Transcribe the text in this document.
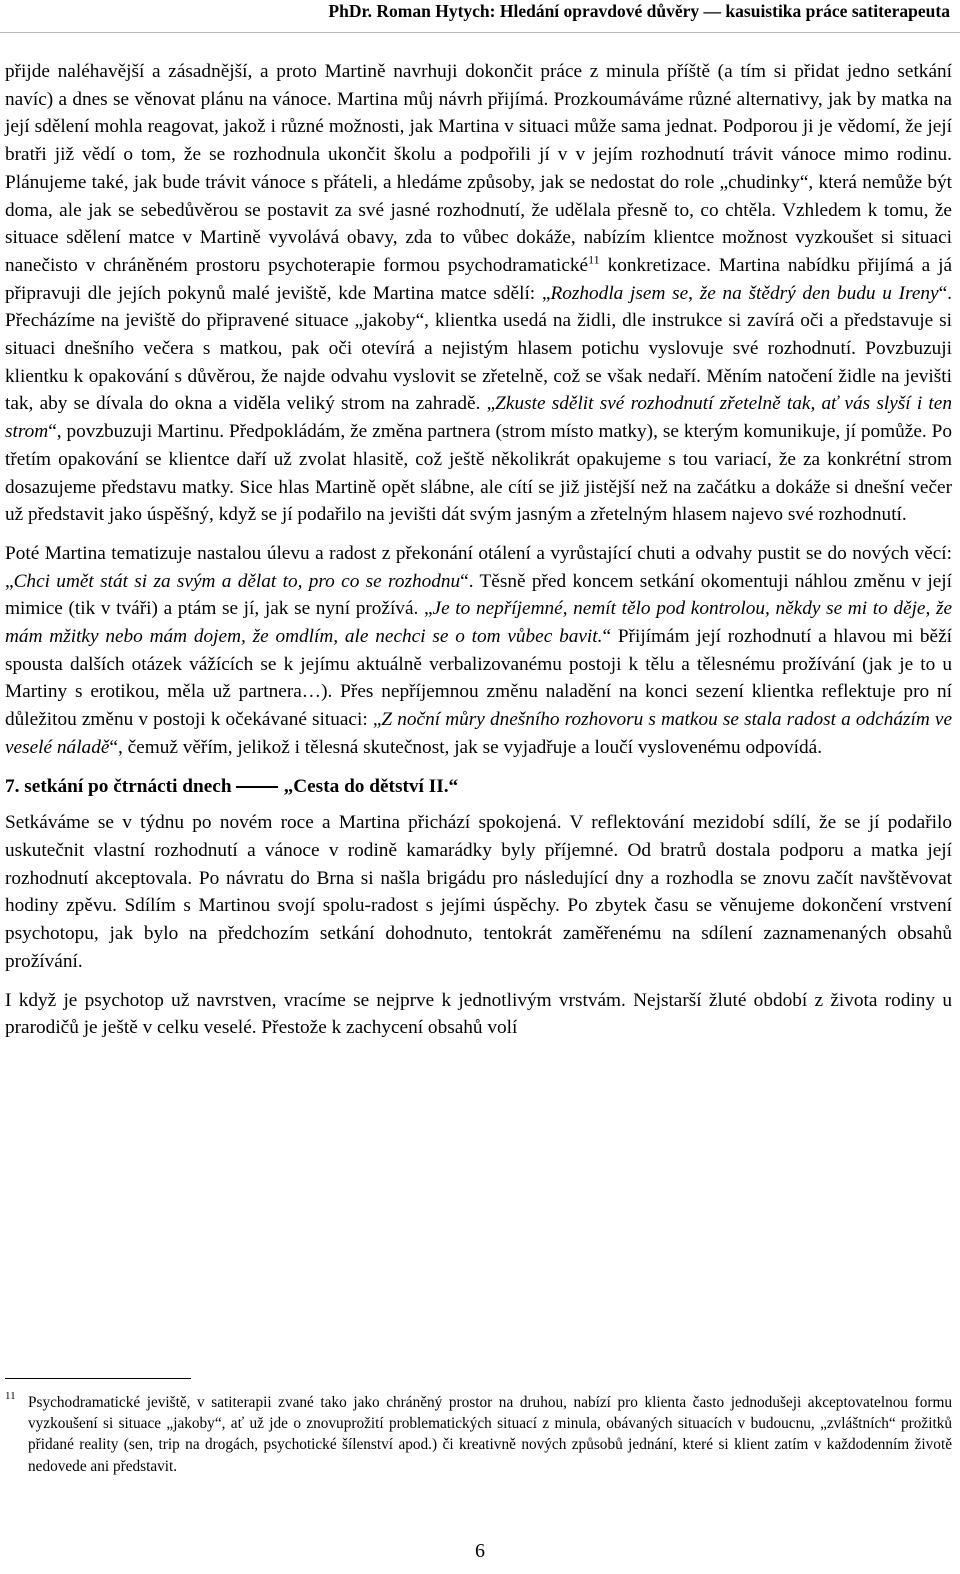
PhDr. Roman Hytych: Hledání opravdové důvěry — kasuistika práce satiterapeuta

přijde naléhavější a zásadnější, a proto Martině navrhuji dokončit práce z minula příště (a tím si přidat jedno setkání navíc) a dnes se věnovat plánu na vánoce. Martina můj návrh přijímá. Prozkoumáváme různé alternativy, jak by matka na její sdělení mohla reagovat, jakož i různé možnosti, jak Martina v situaci může sama jednat. Podporou ji je vědomí, že její bratři již vědí o tom, že se rozhodnula ukončit školu a podpořili jí v v jejím rozhodnutí trávit vánoce mimo rodinu. Plánujeme také, jak bude trávit vánoce s přáteli, a hledáme způsoby, jak se nedostat do role „chudinky“, která nemůže být doma, ale jak se sebedůvěrou se postavit za své jasné rozhodnutí, že udělala přesně to, co chtěla. Vzhledem k tomu, že situace sdělení matce v Martině vyvolává obavy, zda to vůbec dokáže, nabízím klientce možnost vyzkoušet si situaci nanečisto v chráněném prostoru psychoterapie formou psychodramatické$^{11}$ konkretizace. Martina nabídku přijímá a já připravuji dle jejích pokynů malé jeviště, kde Martina matce sdělí: „Rozhodla jsem se, že na štědrý den budu u Ireny“. Přecházíme na jeviště do připravené situace „jakoby“, klientka usedá na židli, dle instrukce si zavírá oči a představuje si situaci dnešního večera s matkou, pak oči otevírá a nejistým hlasem potichu vyslovuje své rozhodnutí. Povzbuzuji klientku k opakování s důvěrou, že najde odvahu vyslovit se zřetelně, což se však nedaří. Měním natočení židle na jevišti tak, aby se dívala do okna a viděla veliký strom na zahradě. „Zkuste sdělit své rozhodnutí zřetelně tak, ať vás slyší i ten strom“, povzbuzuji Martinu. Předpokládám, že změna partnera (strom místo matky), se kterým komunikuje, jí pomůže. Po třetím opakování se klientce daří už zvolat hlasitě, což ještě několikrát opakujeme s tou variací, že za konkrétní strom dosazujeme představu matky. Sice hlas Martině opět slábne, ale cítí se již jistější než na začátku a dokáže si dnešní večer už představit jako úspěšný, když se jí podařilo na jevišti dát svým jasným a zřetelným hlasem najevo své rozhodnutí.

Poté Martina tematizuje nastalou úlevu a radost z překonání otálení a vyrůstající chuti a odvahy pustit se do nových věcí: „Chci umět stát si za svým a dělat to, pro co se rozhodnu“. Těsně před koncem setkání okomentuji náhlou změnu v její mimice (tik v tváři) a ptám se jí, jak se nyní prožívá. „Je to nepříjemné, nemít tělo pod kontrolou, někdy se mi to děje, že mám mžitky nebo mám dojem, že omdlím, ale nechci se o tom vůbec bavit.“ Přijímám její rozhodnutí a hlavou mi běží spousta dalších otázek vážících se k jejímu aktuálně verbalizovanému postoji k tělu a tělesnému prožívání (jak je to u Martiny s erotikou, měla už partnera…). Přes nepříjemnou změnu naladění na konci sezení klientka reflektuje pro ní důležitou změnu v postoji k očekávané situaci: „Z noční můry dnešního rozhovoru s matkou se stala radost a odcházím ve veselé náladě“, čemuž věřím, jelikož i tělesná skutečnost, jak se vyjadřuje a loučí vyslovenému odpovídá.

7. setkání po čtrnácti dnech	„Cesta do dětství II.“

Setkáváme se v týdnu po novém roce a Martina přichází spokojená. V reflektování mezidobí sdílí, že se jí podařilo uskutečnit vlastní rozhodnutí a vánoce v rodině kamarádky byly příjemné. Od bratrů dostala podporu a matka její rozhodnutí akceptovala. Po návratu do Brna si našla brigádu pro následující dny a rozhodla se znovu začít navštěvovat hodiny zpěvu. Sdílím s Martinou svojí spolu-radost s jejími úspěchy. Po zbytek času se věnujeme dokončení vrstvení psychotopu, jak bylo na předchozím setkání dohodnuto, tentokrát zaměřenému na sdílení zaznamenaných obsahů prožívání.

I když je psychotop už navrstven, vracíme se nejprve k jednotlivým vrstvám. Nejstarší žluté období z života rodiny u prarodičů je ještě v celku veselé. Přestože k zachycení obsahů volí

11 Psychodramatické jeviště, v satiterapii zvané tako jako chráněný prostor na druhou, nabízí pro klienta často jednodušeji akceptovatelnou formu vyzkoušení si situace „jakoby“, ať už jde o znovuprožití problematických situací z minula, obávaných situacích v budoucnu, „zvláštních“ prožitků přidané reality (sen, trip na drogách, psychotické šílenství apod.) či kreativně nových způsobů jednání, které si klient zatím v každodenním životě nedovede ani představit.
6
